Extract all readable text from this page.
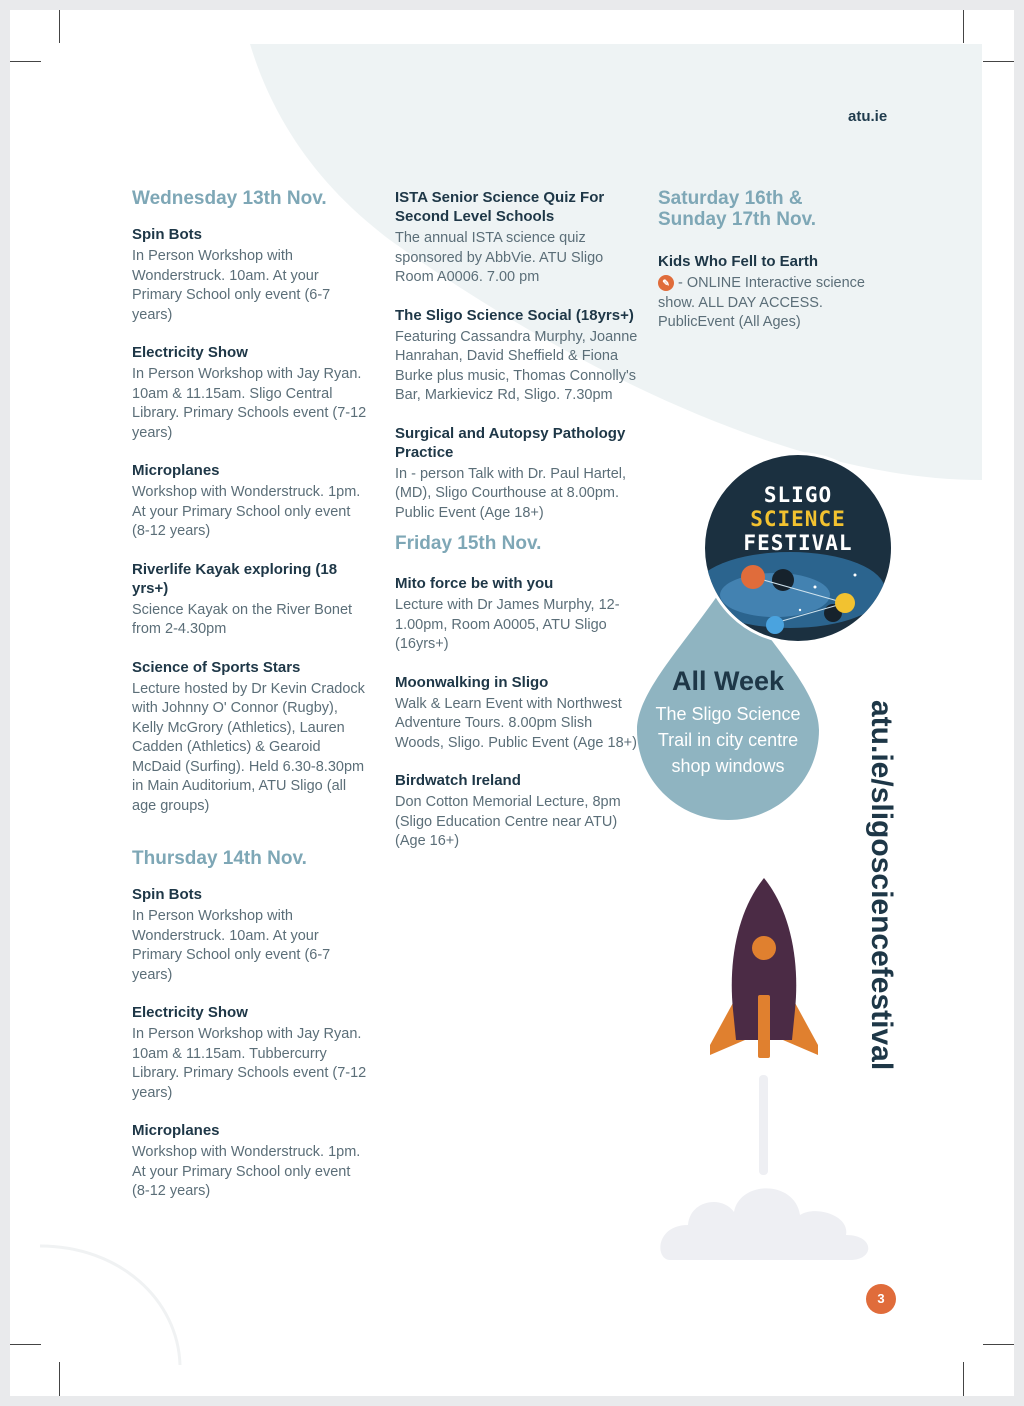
atu.ie
Wednesday 13th Nov.
Spin Bots

In Person Workshop with Wonderstruck. 10am. At your Primary School only event (6-7 years)

Electricity Show

In Person Workshop with Jay Ryan. 10am & 11.15am. Sligo Central Library. Primary Schools event (7-12 years)

Microplanes

Workshop with Wonderstruck. 1pm. At your Primary School only event (8-12 years)

Riverlife Kayak exploring (18 yrs+)

Science Kayak on the River Bonet from 2-4.30pm

Science of Sports Stars

Lecture hosted by Dr Kevin Cradock with Johnny O' Connor (Rugby), Kelly McGrory (Athletics), Lauren Cadden (Athletics) & Gearoid McDaid (Surfing). Held 6.30-8.30pm in Main Auditorium, ATU Sligo (all age groups)

Thursday 14th Nov.
Spin Bots

In Person Workshop with Wonderstruck. 10am. At your Primary School only event (6-7 years)

Electricity Show

In Person Workshop with Jay Ryan. 10am & 11.15am. Tubbercurry Library. Primary Schools event (7-12 years)

Microplanes

Workshop with Wonderstruck. 1pm. At your Primary School only event (8-12 years)

ISTA Senior Science Quiz For Second Level Schools

The annual ISTA science quiz sponsored by AbbVie. ATU Sligo Room A0006. 7.00 pm

The Sligo Science Social (18yrs+)

Featuring Cassandra Murphy, Joanne Hanrahan, David Sheffield & Fiona Burke plus music, Thomas Connolly's Bar, Markievicz Rd, Sligo. 7.30pm

Surgical and Autopsy Pathology Practice

In - person Talk with Dr. Paul Hartel, (MD), Sligo Courthouse at 8.00pm. Public Event (Age 18+)

Friday 15th Nov.
Mito force be with you

Lecture with Dr James Murphy, 12-1.00pm, Room A0005, ATU Sligo (16yrs+)

Moonwalking in Sligo

Walk & Learn Event with Northwest Adventure Tours. 8.00pm Slish Woods, Sligo. Public Event (Age 18+)

Birdwatch Ireland

Don Cotton Memorial Lecture, 8pm (Sligo Education Centre near ATU) (Age 16+)

Saturday 16th &
Sunday 17th Nov.
Kids Who Fell to Earth

✎ - ONLINE Interactive science show. ALL DAY ACCESS. PublicEvent (All Ages)

All Week
The Sligo Science Trail in city centre shop windows
SLIGO
SCIENCE
FESTIVAL
atu.ie/sligosciencefestival
3
